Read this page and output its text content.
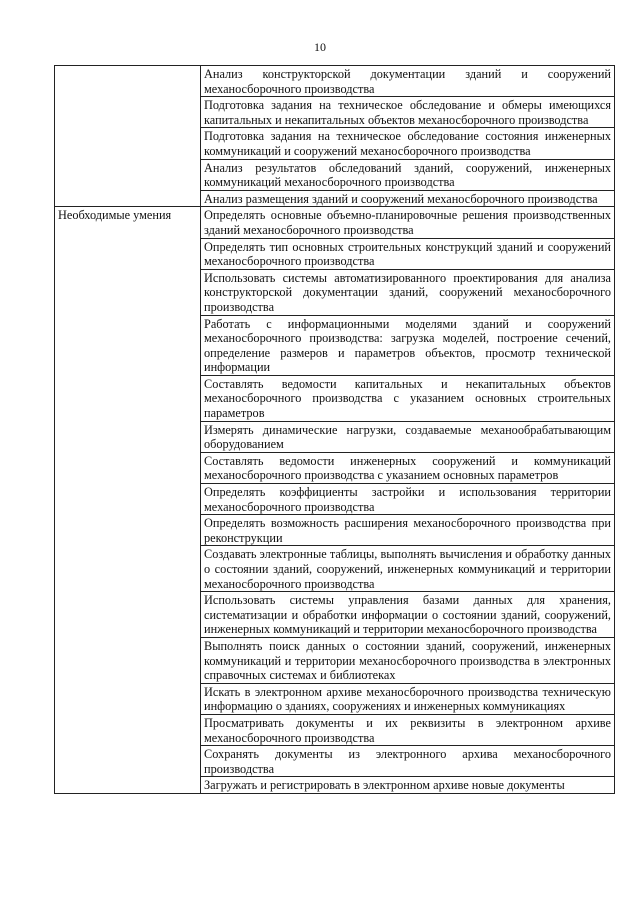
10
	Анализ конструкторской документации зданий и сооружений механосборочного производства
	Подготовка задания на техническое обследование и обмеры имеющихся капитальных и некапитальных объектов механосборочного производства
	Подготовка задания на техническое обследование состояния инженерных коммуникаций и сооружений механосборочного производства
	Анализ результатов обследований зданий, сооружений, инженерных коммуникаций механосборочного производства
	Анализ размещения зданий и сооружений механосборочного производства
Необходимые умения	Определять основные объемно-планировочные решения производственных зданий механосборочного производства
	Определять тип основных строительных конструкций зданий и сооружений механосборочного производства
	Использовать системы автоматизированного проектирования для анализа конструкторской документации зданий, сооружений механосборочного производства
	Работать с информационными моделями зданий и сооружений механосборочного производства: загрузка моделей, построение сечений, определение размеров и параметров объектов, просмотр технической информации
	Составлять ведомости капитальных и некапитальных объектов механосборочного производства с указанием основных строительных параметров
	Измерять динамические нагрузки, создаваемые механообрабатывающим оборудованием
	Составлять ведомости инженерных сооружений и коммуникаций механосборочного производства с указанием основных параметров
	Определять коэффициенты застройки и использования территории механосборочного производства
	Определять возможность расширения механосборочного производства при реконструкции
	Создавать электронные таблицы, выполнять вычисления и обработку данных о состоянии зданий, сооружений, инженерных коммуникаций и территории механосборочного производства
	Использовать системы управления базами данных для хранения, систематизации и обработки информации о состоянии зданий, сооружений, инженерных коммуникаций и территории механосборочного производства
	Выполнять поиск данных о состоянии зданий, сооружений, инженерных коммуникаций и территории механосборочного производства в электронных справочных системах и библиотеках
	Искать в электронном архиве механосборочного производства техническую информацию о зданиях, сооружениях и инженерных коммуникациях
	Просматривать документы и их реквизиты в электронном архиве механосборочного производства
	Сохранять документы из электронного архива механосборочного производства
	Загружать и регистрировать в электронном архиве новые документы
